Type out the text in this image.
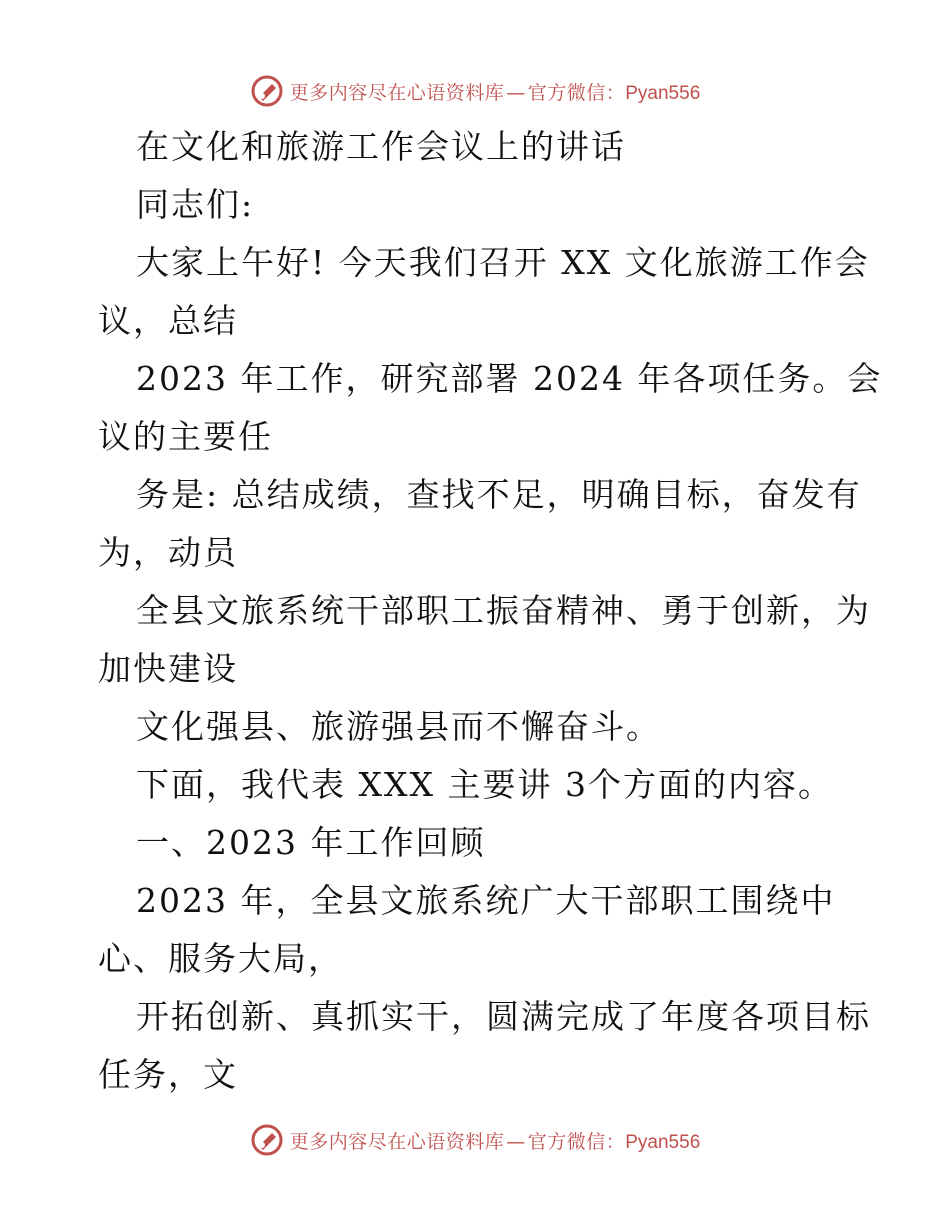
更多内容尽在心语资料库 — 官方微信：Pyan556
在文化和旅游工作会议上的讲话
同志们:
大家上午好! 今天我们召开 XX 文化旅游工作会
议，总结
2023 年工作，研究部署 2024 年各项任务。会
议的主要任
务是: 总结成绩，查找不足，明确目标，奋发有
为，动员
全县文旅系统干部职工振奋精神、勇于创新，为
加快建设
文化强县、旅游强县而不懈奋斗。
下面，我代表 XXX 主要讲 3个方面的内容。
一、2023 年工作回顾
2023 年，全县文旅系统广大干部职工围绕中
心、服务大局，
开拓创新、真抓实干，圆满完成了年度各项目标
任务，文
更多内容尽在心语资料库 — 官方微信：Pyan556
